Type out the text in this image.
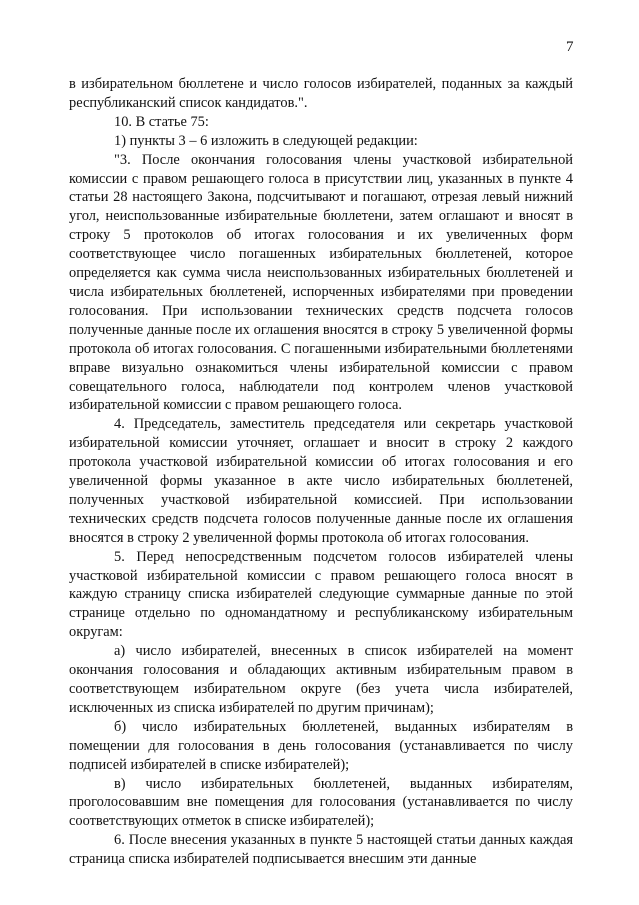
7

в избирательном бюллетене и число голосов избирателей, поданных за каждый республиканский список кандидатов.".

10. В статье 75:

1) пункты 3 – 6 изложить в следующей редакции:

"3. После окончания голосования члены участковой избирательной комиссии с правом решающего голоса в присутствии лиц, указанных в пункте 4 статьи 28 настоящего Закона, подсчитывают и погашают, отрезая левый нижний угол, неиспользованные избирательные бюллетени, затем оглашают и вносят в строку 5 протоколов об итогах голосования и их увеличенных форм соответствующее число погашенных избирательных бюллетеней, которое определяется как сумма числа неиспользованных избирательных бюллетеней и числа избирательных бюллетеней, испорченных избирателями при проведении голосования. При использовании технических средств подсчета голосов полученные данные после их оглашения вносятся в строку 5 увеличенной формы протокола об итогах голосования. С погашенными избирательными бюллетенями вправе визуально ознакомиться члены избирательной комиссии с правом совещательного голоса, наблюдатели под контролем членов участковой избирательной комиссии с правом решающего голоса.

4. Председатель, заместитель председателя или секретарь участковой избирательной комиссии уточняет, оглашает и вносит в строку 2 каждого протокола участковой избирательной комиссии об итогах голосования и его увеличенной формы указанное в акте число избирательных бюллетеней, полученных участковой избирательной комиссией. При использовании технических средств подсчета голосов полученные данные после их оглашения вносятся в строку 2 увеличенной формы протокола об итогах голосования.

5. Перед непосредственным подсчетом голосов избирателей члены участковой избирательной комиссии с правом решающего голоса вносят в каждую страницу списка избирателей следующие суммарные данные по этой странице отдельно по одномандатному и республиканскому избирательным округам:

а) число избирателей, внесенных в список избирателей на момент окончания голосования и обладающих активным избирательным правом в соответствующем избирательном округе (без учета числа избирателей, исключенных из списка избирателей по другим причинам);

б) число избирательных бюллетеней, выданных избирателям в помещении для голосования в день голосования (устанавливается по числу подписей избирателей в списке избирателей);

в) число избирательных бюллетеней, выданных избирателям, проголосовавшим вне помещения для голосования (устанавливается по числу соответствующих отметок в списке избирателей);

6. После внесения указанных в пункте 5 настоящей статьи данных каждая страница списка избирателей подписывается внесшим эти данные
